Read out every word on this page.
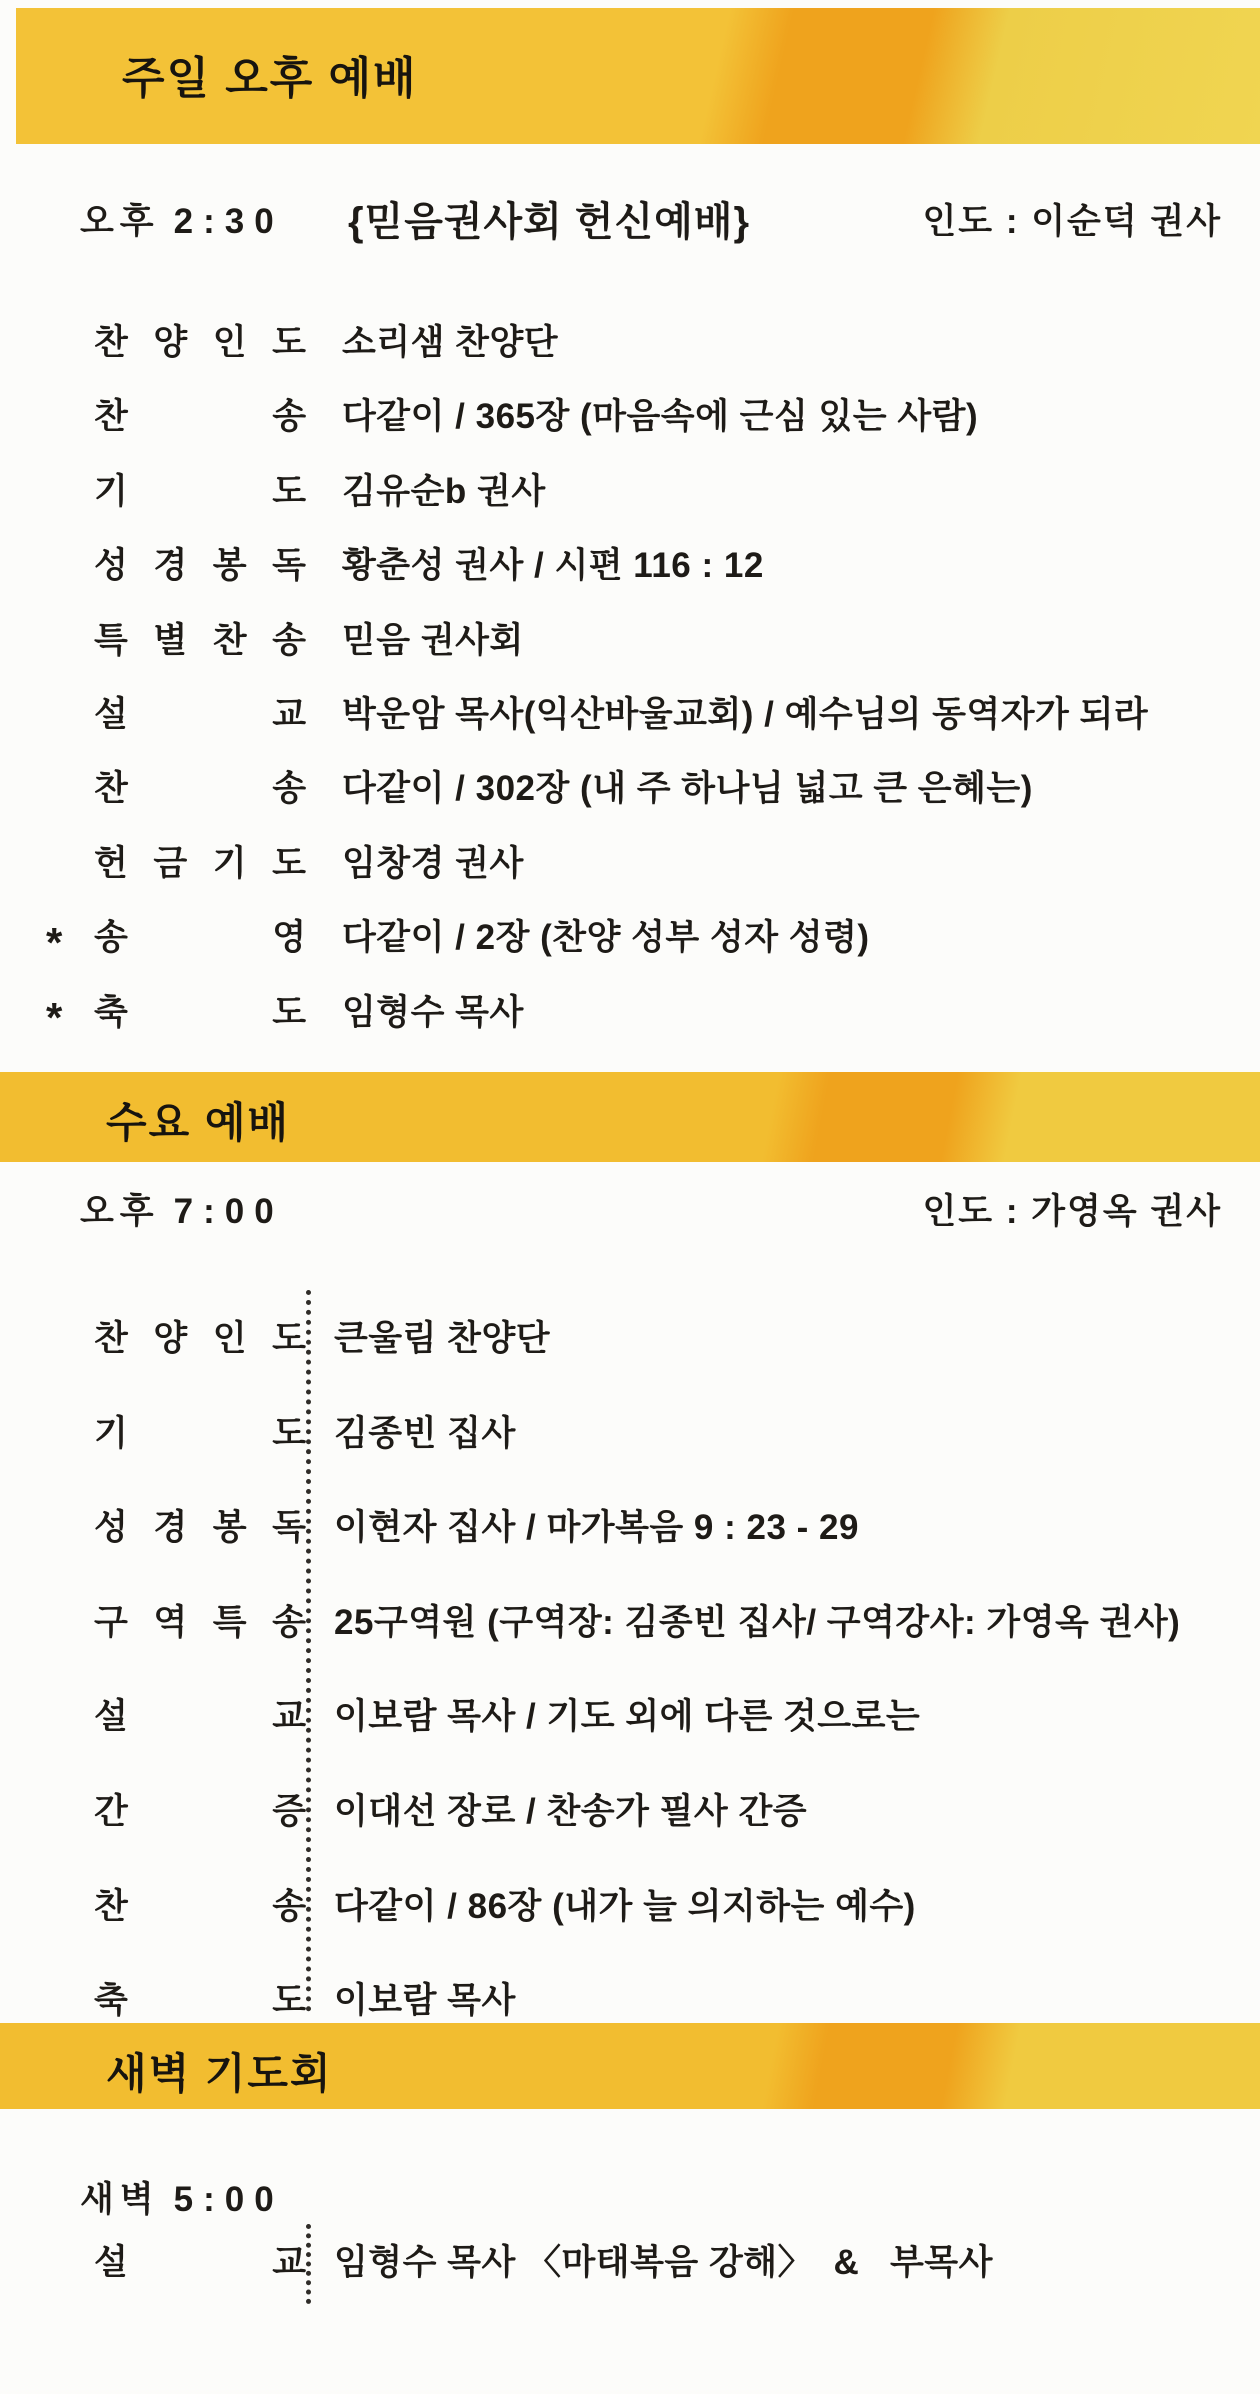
주일 오후 예배
오후 2:30 {믿음권사회 헌신예배}	인도 : 이순덕 권사
찬 양 인 도 소리샘 찬양단
찬	송 다같이 / 365장 (마음속에 근심 있는 사람)
기	도 김유순b 권사
성 경 봉 독 황춘성 권사 / 시편 116 : 12
특 별 찬 송 믿음 권사회
설	교 박운암 목사(익산바울교회) / 예수님의 동역자가 되라
찬	송 다같이 / 302장 (내 주 하나님 넓고 큰 은혜는)
헌 금 기 도 임창경 권사
* 송	영 다같이 / 2장 (찬양 성부 성자 성령)
* 축	도 임형수 목사
수요 예배
오후 7:00	인도 : 가영옥 권사
찬 양 인 도 큰울림 찬양단
기	도 김종빈 집사
성 경 봉 독 이현자 집사 / 마가복음 9 : 23 - 29
구 역 특 송 25구역원 (구역장: 김종빈 집사/ 구역강사: 가영옥 권사)
설	교 이보람 목사 / 기도 외에 다른 것으로는
간	증 이대선 장로 / 찬송가 필사 간증
찬	송 다같이 / 86장 (내가 늘 의지하는 예수)
축	도 이보람 목사
새벽 기도회
새벽 5:00
설	교 임형수 목사 〈마태복음 강해〉  &   부목사
